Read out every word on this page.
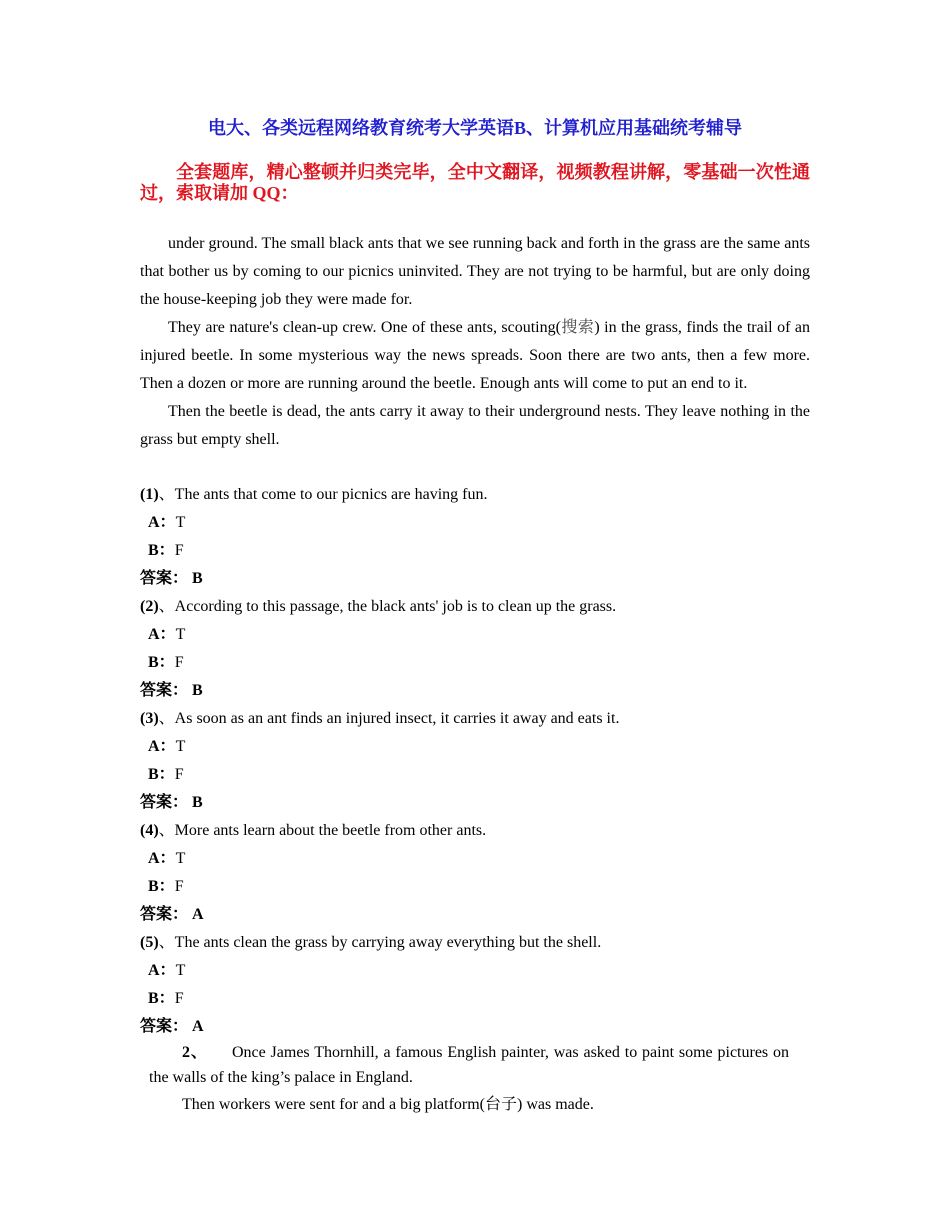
电大、各类远程网络教育统考大学英语B、计算机应用基础统考辅导
全套题库，精心整顿并归类完毕，全中文翻译，视频教程讲解，零基础一次性通过，索取请加 QQ：

under ground. The small black ants that we see running back and forth in the grass are the same ants that bother us by coming to our picnics uninvited. They are not trying to be harmful, but are only doing the house-keeping job they were made for.

They are nature's clean-up crew. One of these ants, scouting(搜索) in the grass, finds the trail of an injured beetle. In some mysterious way the news spreads. Soon there are two ants, then a few more. Then a dozen or more are running around the beetle. Enough ants will come to put an end to it.

Then the beetle is dead, the ants carry it away to their underground nests. They leave nothing in the grass but empty shell.

(1)、The ants that come to our picnics are having fun.
A：T
B：F
答案： B
(2)、According to this passage, the black ants' job is to clean up the grass.
A：T
B：F
答案： B
(3)、As soon as an ant finds an injured insect, it carries it away and eats it.
A：T
B：F
答案： B
(4)、More ants learn about the beetle from other ants.
A：T
B：F
答案： A
(5)、The ants clean the grass by carrying away everything but the shell.
A：T
B：F
答案： A

2、 Once James Thornhill, a famous English painter, was asked to paint some pictures on the walls of the king’s palace in England.

Then workers were sent for and a big platform(台子) was made.
